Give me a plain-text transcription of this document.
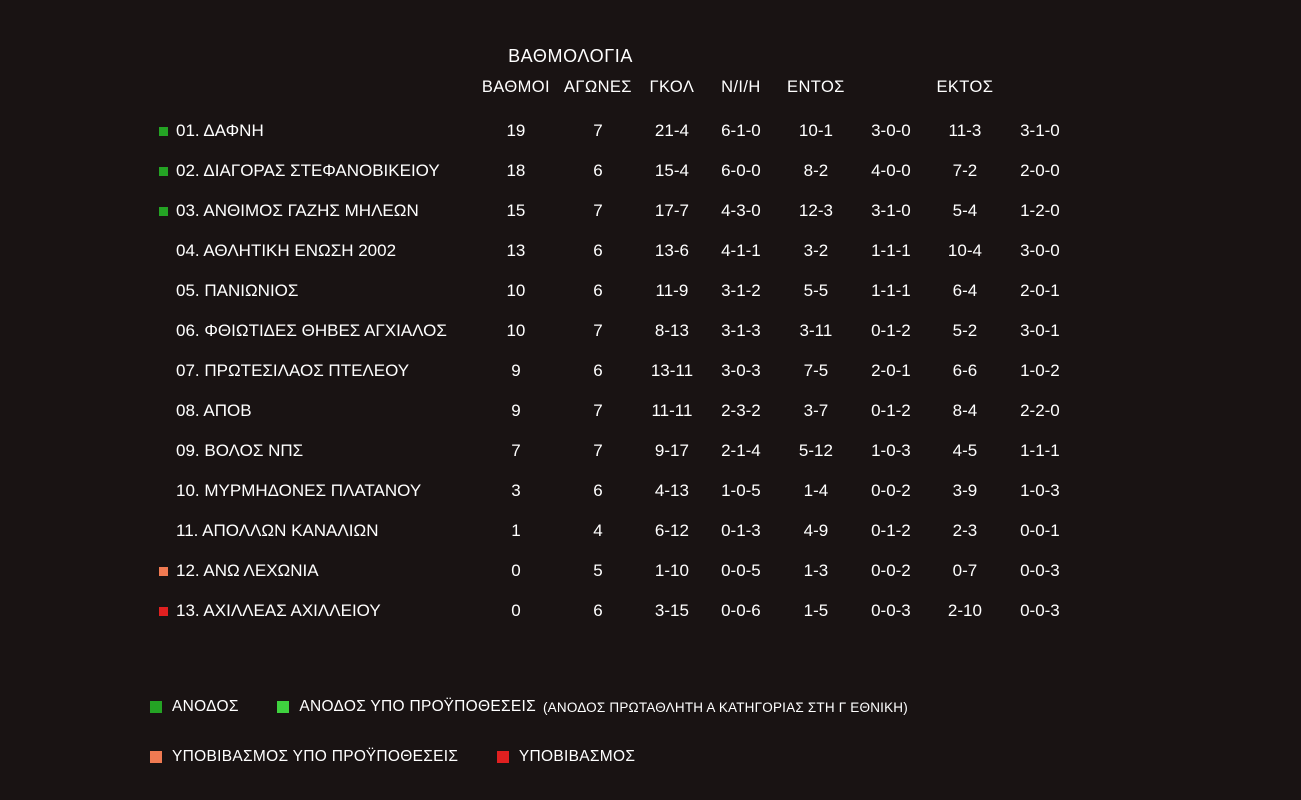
ΒΑΘΜΟΛΟΓΙΑ
		ΒΑΘΜΟΙ	ΑΓΩΝΕΣ	ΓΚΟΛ	Ν/Ι/Η	ΕΝΤΟΣ		ΕΚΤΟΣ	
	01. ΔΑΦΝΗ	19	7	21-4	6-1-0	10-1	3-0-0	11-3	3-1-0
	02. ΔΙΑΓΟΡΑΣ ΣΤΕΦΑΝΟΒΙΚΕΙΟΥ	18	6	15-4	6-0-0	8-2	4-0-0	7-2	2-0-0
	03. ΑΝΘΙΜΟΣ ΓΑΖΗΣ ΜΗΛΕΩΝ	15	7	17-7	4-3-0	12-3	3-1-0	5-4	1-2-0
	04. ΑΘΛΗΤΙΚΗ ΕΝΩΣΗ 2002	13	6	13-6	4-1-1	3-2	1-1-1	10-4	3-0-0
	05. ΠΑΝΙΩΝΙΟΣ	10	6	11-9	3-1-2	5-5	1-1-1	6-4	2-0-1
	06. ΦΘΙΩΤΙΔΕΣ ΘΗΒΕΣ ΑΓΧΙΑΛΟΣ	10	7	8-13	3-1-3	3-11	0-1-2	5-2	3-0-1
	07. ΠΡΩΤΕΣΙΛΑΟΣ ΠΤΕΛΕΟΥ	9	6	13-11	3-0-3	7-5	2-0-1	6-6	1-0-2
	08. ΑΠΟΒ	9	7	11-11	2-3-2	3-7	0-1-2	8-4	2-2-0
	09. ΒΟΛΟΣ ΝΠΣ	7	7	9-17	2-1-4	5-12	1-0-3	4-5	1-1-1
	10. ΜΥΡΜΗΔΟΝΕΣ ΠΛΑΤΑΝΟΥ	3	6	4-13	1-0-5	1-4	0-0-2	3-9	1-0-3
	11. ΑΠΟΛΛΩΝ ΚΑΝΑΛΙΩΝ	1	4	6-12	0-1-3	4-9	0-1-2	2-3	0-0-1
	12. ΑΝΩ ΛΕΧΩΝΙΑ	0	5	1-10	0-0-5	1-3	0-0-2	0-7	0-0-3
	13. ΑΧΙΛΛΕΑΣ ΑΧΙΛΛΕΙΟΥ	0	6	3-15	0-0-6	1-5	0-0-3	2-10	0-0-3
ΑΝΟΔΟΣ
	ΑΝΟΔΟΣ ΥΠΟ ΠΡΟΫΠΟΘΕΣΕΙΣ (ΑΝΟΔΟΣ ΠΡΩΤΑΘΛΗΤΗ Α ΚΑΤΗΓΟΡΙΑΣ ΣΤΗ Γ ΕΘΝΙΚΗ)
ΥΠΟΒΙΒΑΣΜΟΣ ΥΠΟ ΠΡΟΫΠΟΘΕΣΕΙΣ
	ΥΠΟΒΙΒΑΣΜΟΣ
